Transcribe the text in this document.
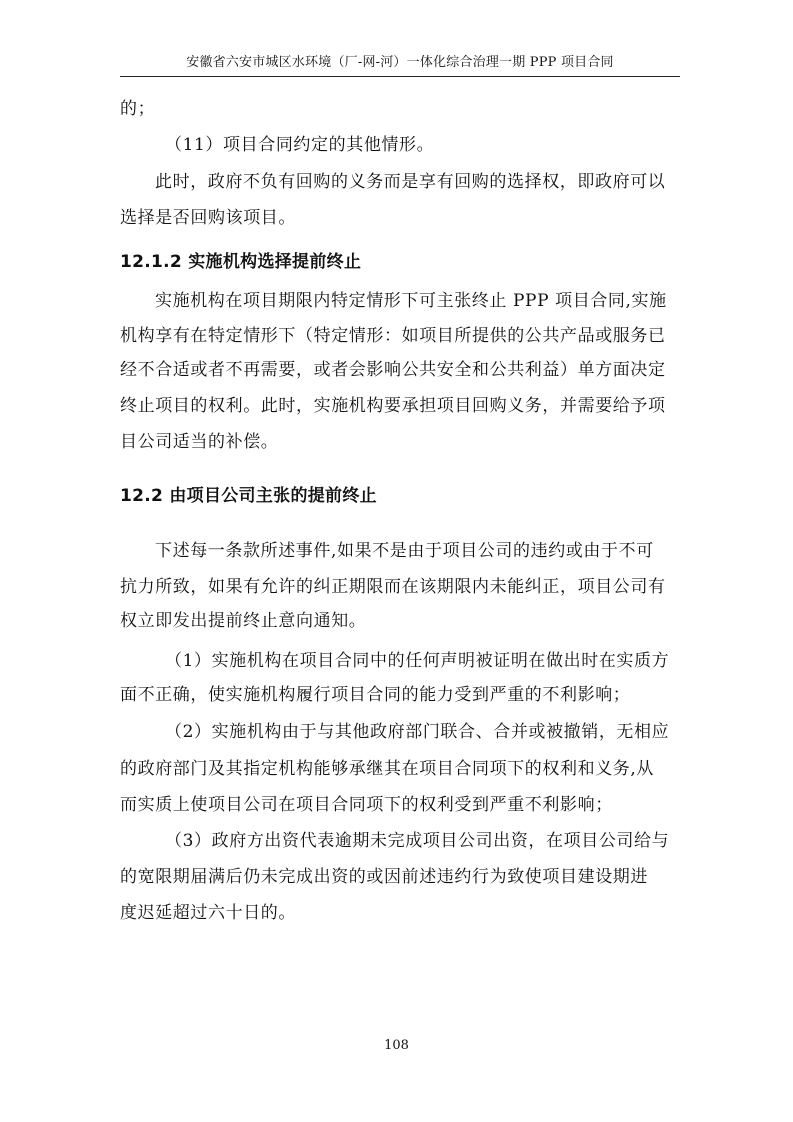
安徽省六安市城区水环境（厂-网-河）一体化综合治理一期 PPP 项目合同
的；
（11）项目合同约定的其他情形。
此时，政府不负有回购的义务而是享有回购的选择权，即政府可以
选择是否回购该项目。
12.1.2 实施机构选择提前终止
实施机构在项目期限内特定情形下可主张终止 PPP 项目合同,实施
机构享有在特定情形下（特定情形：如项目所提供的公共产品或服务已
经不合适或者不再需要，或者会影响公共安全和公共利益）单方面决定
终止项目的权利。此时，实施机构要承担项目回购义务，并需要给予项
目公司适当的补偿。
12.2 由项目公司主张的提前终止
下述每一条款所述事件,如果不是由于项目公司的违约或由于不可
抗力所致，如果有允许的纠正期限而在该期限内未能纠正，项目公司有
权立即发出提前终止意向通知。
（1）实施机构在项目合同中的任何声明被证明在做出时在实质方
面不正确，使实施机构履行项目合同的能力受到严重的不利影响；
（2）实施机构由于与其他政府部门联合、合并或被撤销，无相应
的政府部门及其指定机构能够承继其在项目合同项下的权利和义务,从
而实质上使项目公司在项目合同项下的权利受到严重不利影响；
（3）政府方出资代表逾期未完成项目公司出资，在项目公司给与
的宽限期届满后仍未完成出资的或因前述违约行为致使项目建设期进
度迟延超过六十日的。
108
